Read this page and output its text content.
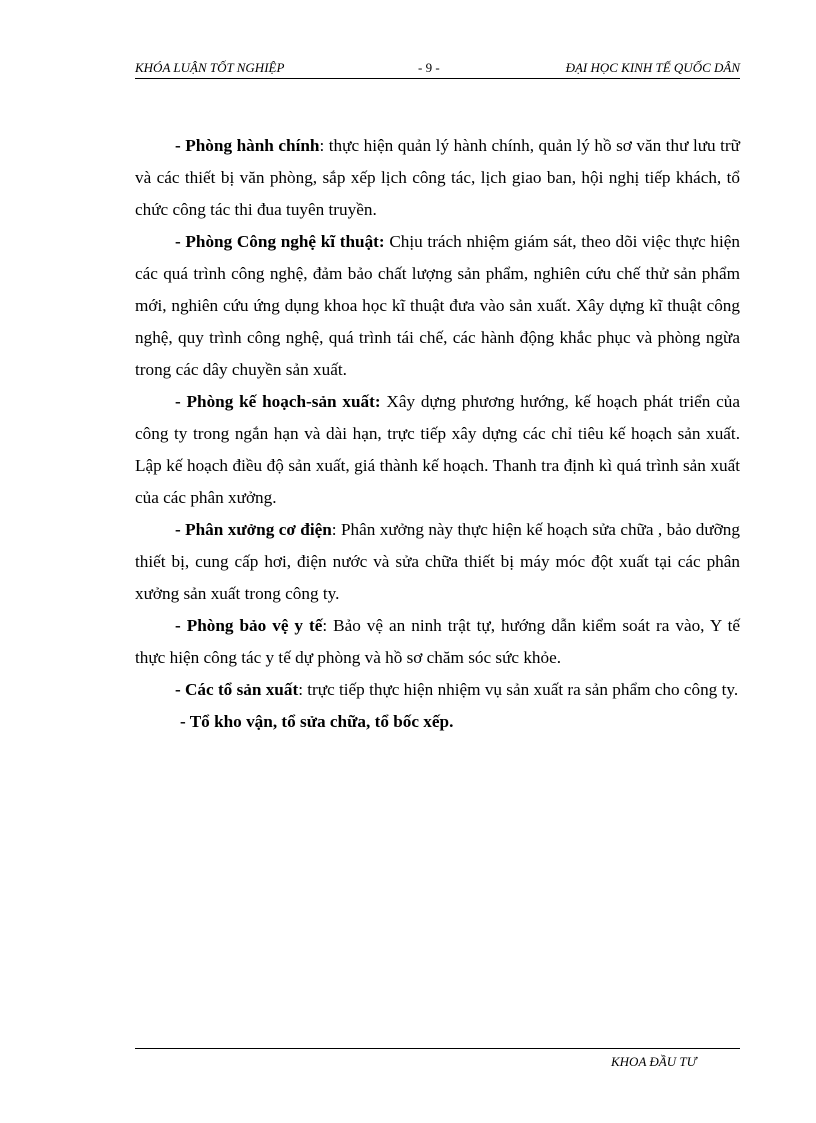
KHÓA LUẬN TỐT NGHIỆP	- 9 -	ĐẠI HỌC KINH TẾ QUỐC DÂN

- Phòng hành chính: thực hiện quản lý hành chính, quản lý hồ sơ văn thư lưu trữ và các thiết bị văn phòng, sắp xếp lịch công tác, lịch giao ban, hội nghị tiếp khách, tổ chức công tác thi đua tuyên truyền.

- Phòng Công nghệ kĩ thuật: Chịu trách nhiệm giám sát, theo dõi việc thực hiện các quá trình công nghệ, đảm bảo chất lượng sản phẩm, nghiên cứu chế thử sản phẩm mới, nghiên cứu ứng dụng khoa học kĩ thuật đưa vào sản xuất. Xây dựng kĩ thuật công nghệ, quy trình công nghệ, quá trình tái chế, các hành động khắc phục và phòng ngừa trong các dây chuyền sản xuất.

- Phòng kế hoạch-sản xuất: Xây dựng phương hướng, kế hoạch phát triển của công ty trong ngắn hạn và dài hạn, trực tiếp xây dựng các chỉ tiêu kế hoạch sản xuất. Lập kế hoạch điều độ sản xuất, giá thành kế hoạch. Thanh tra định kì quá trình sản xuất của các phân xưởng.

- Phân xưởng cơ điện: Phân xưởng này thực hiện kế hoạch sửa chữa , bảo dưỡng thiết bị, cung cấp hơi, điện nước và sửa chữa thiết bị máy móc đột xuất tại các phân xưởng sản xuất trong công ty.

- Phòng bảo vệ y tế: Bảo vệ an ninh trật tự, hướng dẫn kiểm soát ra vào, Y tế thực hiện công tác y tế dự phòng và hồ sơ chăm sóc sức khỏe.

- Các tổ sản xuất: trực tiếp thực hiện nhiệm vụ sản xuất ra sản phẩm cho công ty.

- Tổ kho vận, tổ sửa chữa, tổ bốc xếp.

KHOA ĐẦU TƯ
